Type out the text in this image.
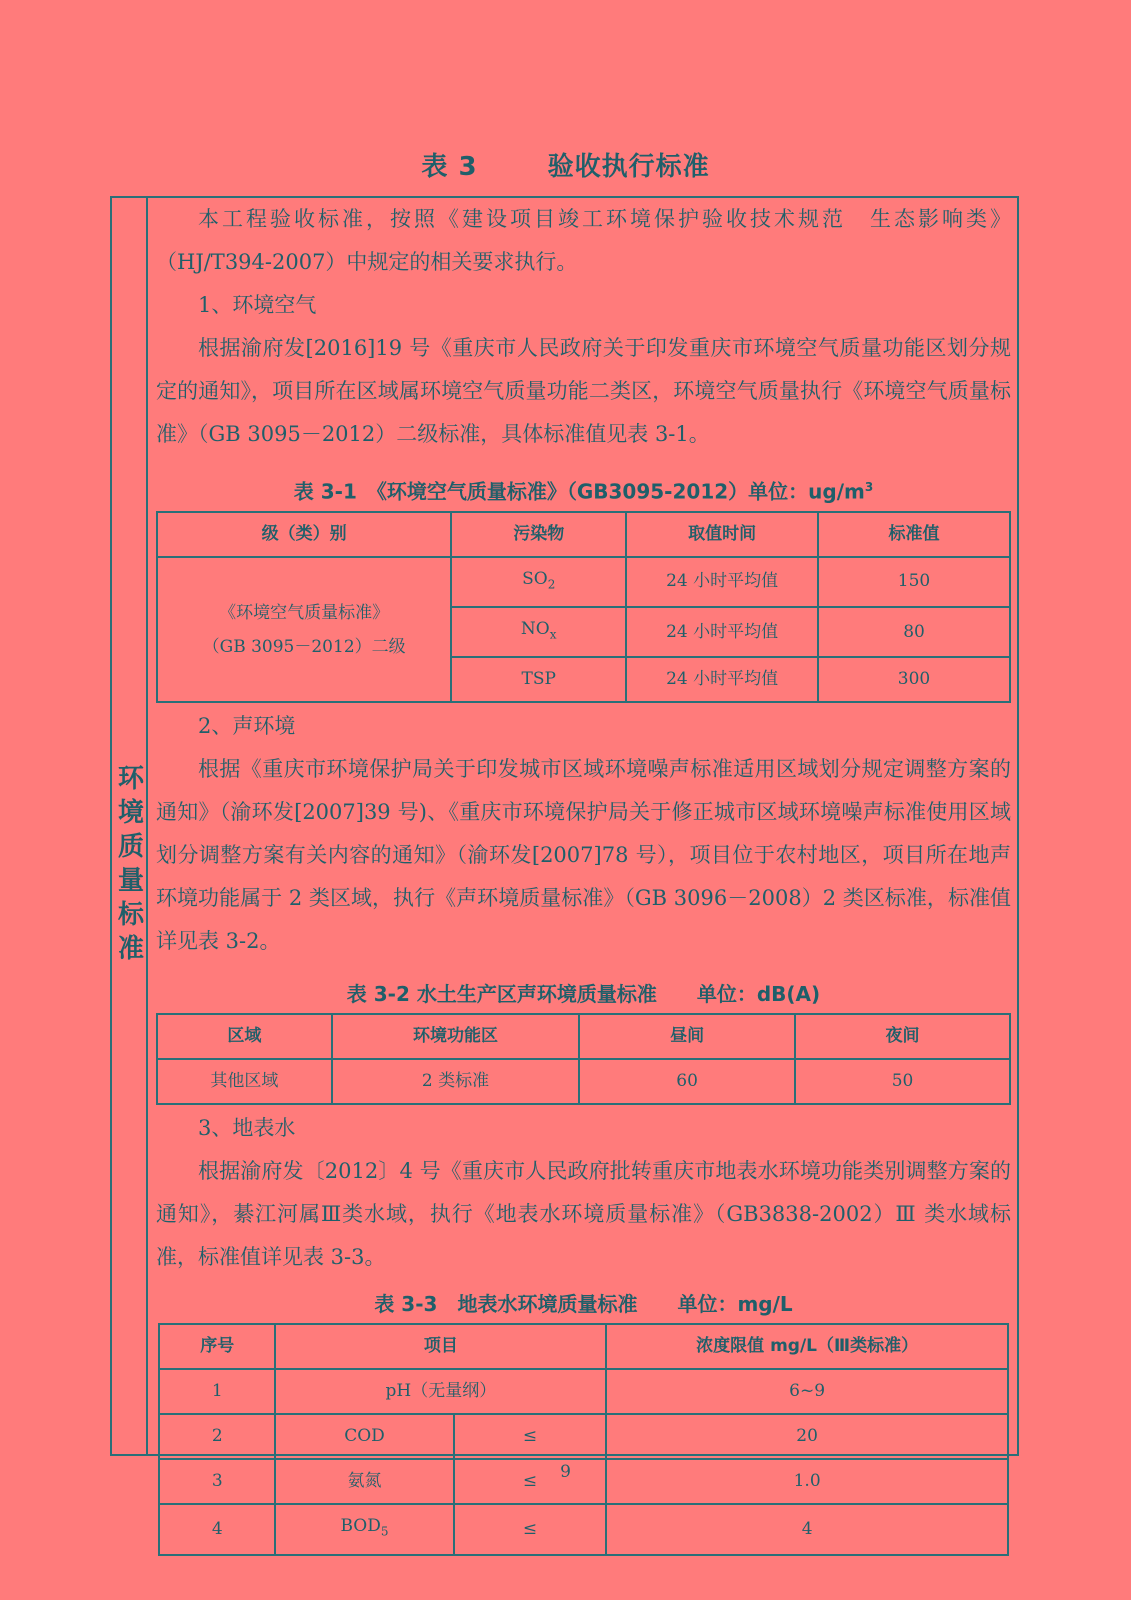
表 3	验收执行标准
环境质量标准

本工程验收标准，按照《建设项目竣工环境保护验收技术规范　生态影响类》（HJ/T394-2007）中规定的相关要求执行。

1、环境空气

根据渝府发[2016]19 号《重庆市人民政府关于印发重庆市环境空气质量功能区划分规定的通知》，项目所在区域属环境空气质量功能二类区，环境空气质量执行《环境空气质量标准》（GB 3095－2012）二级标准，具体标准值见表 3-1。

表 3-1　《环境空气质量标准》（GB3095-2012）单位：$ug/m^3$
级（类）别	污染物	取值时间	标准值

《环境空气质量标准》
（GB 3095－2012）二级	$SO_2$	24 小时平均值	150
	$NO_x$	24 小时平均值	80
	TSP	24 小时平均值	300

2、声环境

根据《重庆市环境保护局关于印发城市区域环境噪声标准适用区域划分规定调整方案的通知》（渝环发[2007]39 号)、《重庆市环境保护局关于修正城市区域环境噪声标准使用区域划分调整方案有关内容的通知》（渝环发[2007]78 号），项目位于农村地区，项目所在地声环境功能属于 2 类区域，执行《声环境质量标准》（GB 3096－2008）2 类区标准，标准值详见表 3-2。

表 3-2 水土生产区声环境质量标准　　单位：dB(A)
区域	环境功能区	昼间	夜间
其他区域	2 类标准	60	50

3、地表水

根据渝府发〔2012〕4 号《重庆市人民政府批转重庆市地表水环境功能类别调整方案的通知》，綦江河属Ⅲ类水域，执行《地表水环境质量标准》（GB3838-2002）Ⅲ 类水域标准，标准值详见表 3-3。

表 3-3　地表水环境质量标准　　单位：mg/L
序号	项目		浓度限值 mg/L（Ⅲ类标准）
1	pH（无量纲）		6~9
2	COD	≤	20
3	氨氮	≤	1.0
4	$BOD_5$	≤	4
9
